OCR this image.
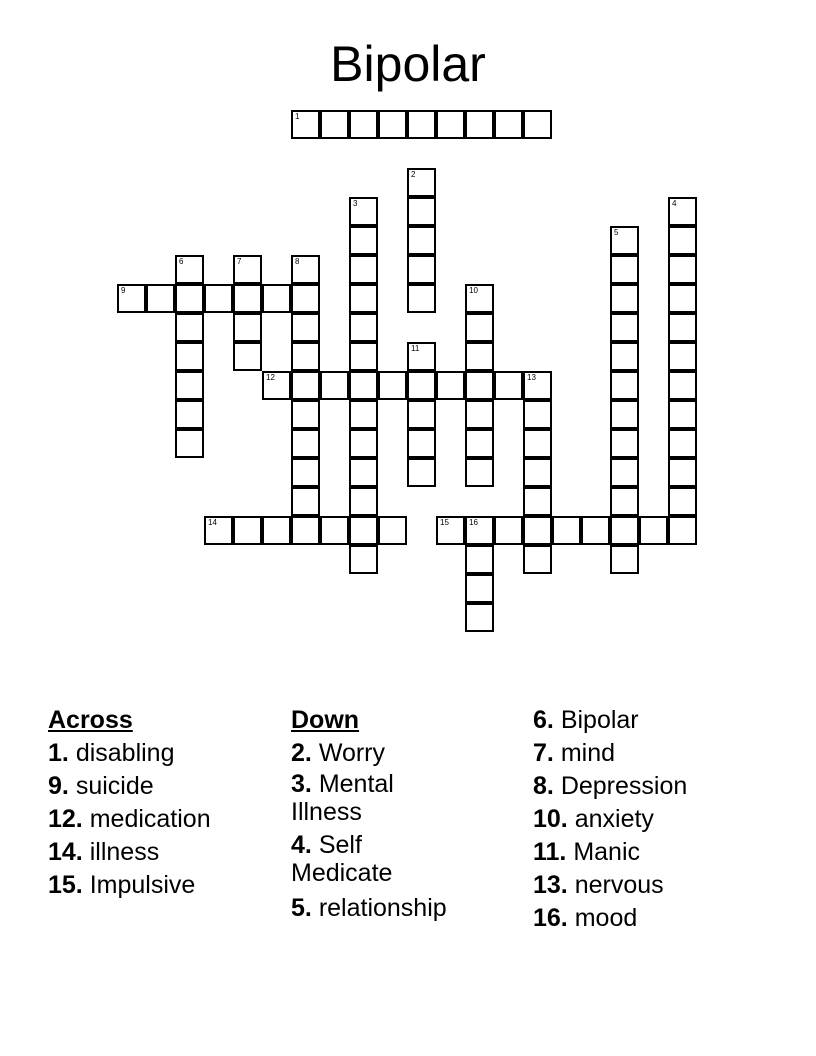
Bipolar
1
2
3	4
5
6	7	8
9	10
11
12	13
14	15	16
Across
1. disabling
9. suicide
12. medication
14. illness
15. Impulsive
Down
2. Worry
3. Mental Illness
4. Self Medicate
5. relationship
6. Bipolar
7. mind
8. Depression
10. anxiety
11. Manic
13. nervous
16. mood
